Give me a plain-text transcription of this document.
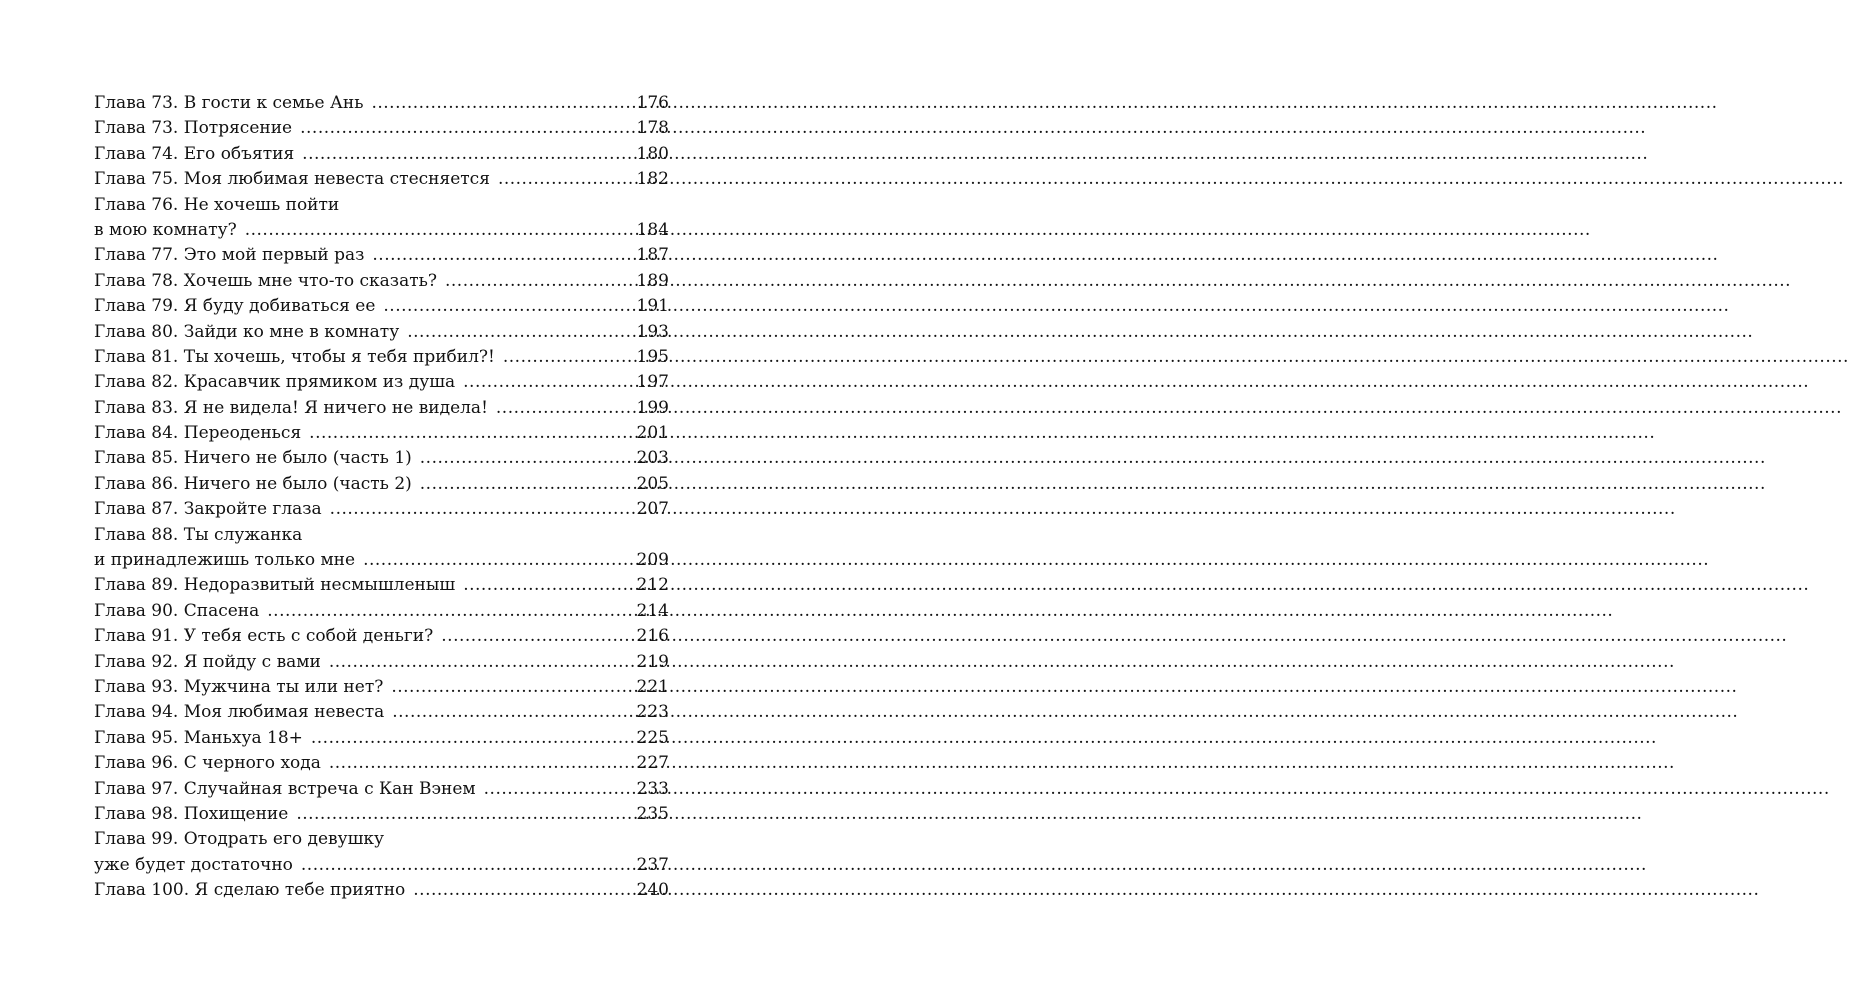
Глава 73. В гости к семье Ань .....	176
Глава 73. Потрясение .....	178
Глава 74. Его объятия .....	180
Глава 75. Моя любимая невеста стесняется .....	182
Глава 76. Не хочешь пойти
в мою комнату? .....	184
Глава 77. Это мой первый раз .....	187
Глава 78. Хочешь мне что-то сказать? .....	189
Глава 79. Я буду добиваться ее .....	191
Глава 80. Зайди ко мне в комнату .....	193
Глава 81. Ты хочешь, чтобы я тебя прибил?! .....	195
Глава 82. Красавчик прямиком из душа .....	197
Глава 83. Я не видела! Я ничего не видела! .....	199
Глава 84. Переоденься .....	201
Глава 85. Ничего не было (часть 1) .....	203
Глава 86. Ничего не было (часть 2) .....	205
Глава 87. Закройте глаза .....	207
Глава 88. Ты служанка
и принадлежишь только мне .....	209
Глава 89. Недоразвитый несмышленыш .....	212
Глава 90. Спасена .....	214
Глава 91. У тебя есть с собой деньги? .....	216
Глава 92. Я пойду с вами .....	219
Глава 93. Мужчина ты или нет? .....	221
Глава 94. Моя любимая невеста .....	223
Глава 95. Маньхуа 18+ .....	225
Глава 96. С черного хода .....	227
Глава 97. Случайная встреча с Кан Вэнем .....	233
Глава 98. Похищение .....	235
Глава 99. Отодрать его девушку
уже будет достаточно .....	237
Глава 100. Я сделаю тебе приятно .....	240
